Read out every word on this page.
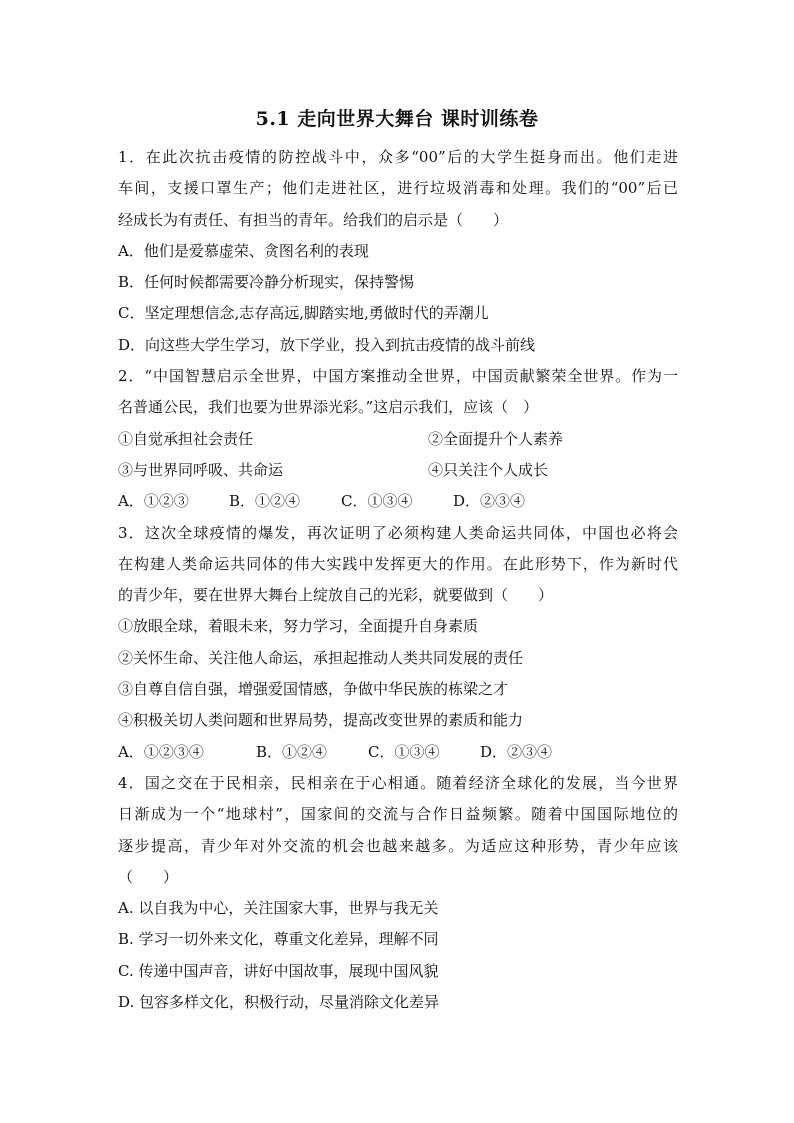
5.1 走向世界大舞台 课时训练卷
1．在此次抗击疫情的防控战斗中，众多“00”后的大学生挺身而出。他们走进
车间，支援口罩生产；他们走进社区，进行垃圾消毒和处理。我们的“00”后已
经成长为有责任、有担当的青年。给我们的启示是（　　）
A．他们是爱慕虚荣、贪图名利的表现
B．任何时候都需要冷静分析现实，保持警惕
C．坚定理想信念,志存高远,脚踏实地,勇做时代的弄潮儿
D．向这些大学生学习，放下学业，投入到抗击疫情的战斗前线
2．“中国智慧启示全世界，中国方案推动全世界，中国贡献繁荣全世界。作为一
名普通公民，我们也要为世界添光彩。”这启示我们，应该（　）
①自觉承担社会责任	②全面提升个人素养
③与世界同呼吸、共命运	④只关注个人成长
A．①②③	B．①②④	C．①③④	D．②③④
3．这次全球疫情的爆发，再次证明了必须构建人类命运共同体，中国也必将会
在构建人类命运共同体的伟大实践中发挥更大的作用。在此形势下，作为新时代
的青少年，要在世界大舞台上绽放自己的光彩，就要做到（　　）
①放眼全球，着眼未来，努力学习，全面提升自身素质
②关怀生命、关注他人命运，承担起推动人类共同发展的责任
③自尊自信自强，增强爱国情感，争做中华民族的栋梁之才
④积极关切人类问题和世界局势，提高改变世界的素质和能力
A．①②③④	B．①②④	C．①③④	D．②③④
4．国之交在于民相亲，民相亲在于心相通。随着经济全球化的发展，当今世界
日渐成为一个“地球村”，国家间的交流与合作日益频繁。随着中国国际地位的
逐步提高，青少年对外交流的机会也越来越多。为适应这种形势，青少年应该
（　　）
A. 以自我为中心，关注国家大事，世界与我无关
B. 学习一切外来文化，尊重文化差异，理解不同
C. 传递中国声音，讲好中国故事，展现中国风貌
D. 包容多样文化，积极行动，尽量消除文化差异
